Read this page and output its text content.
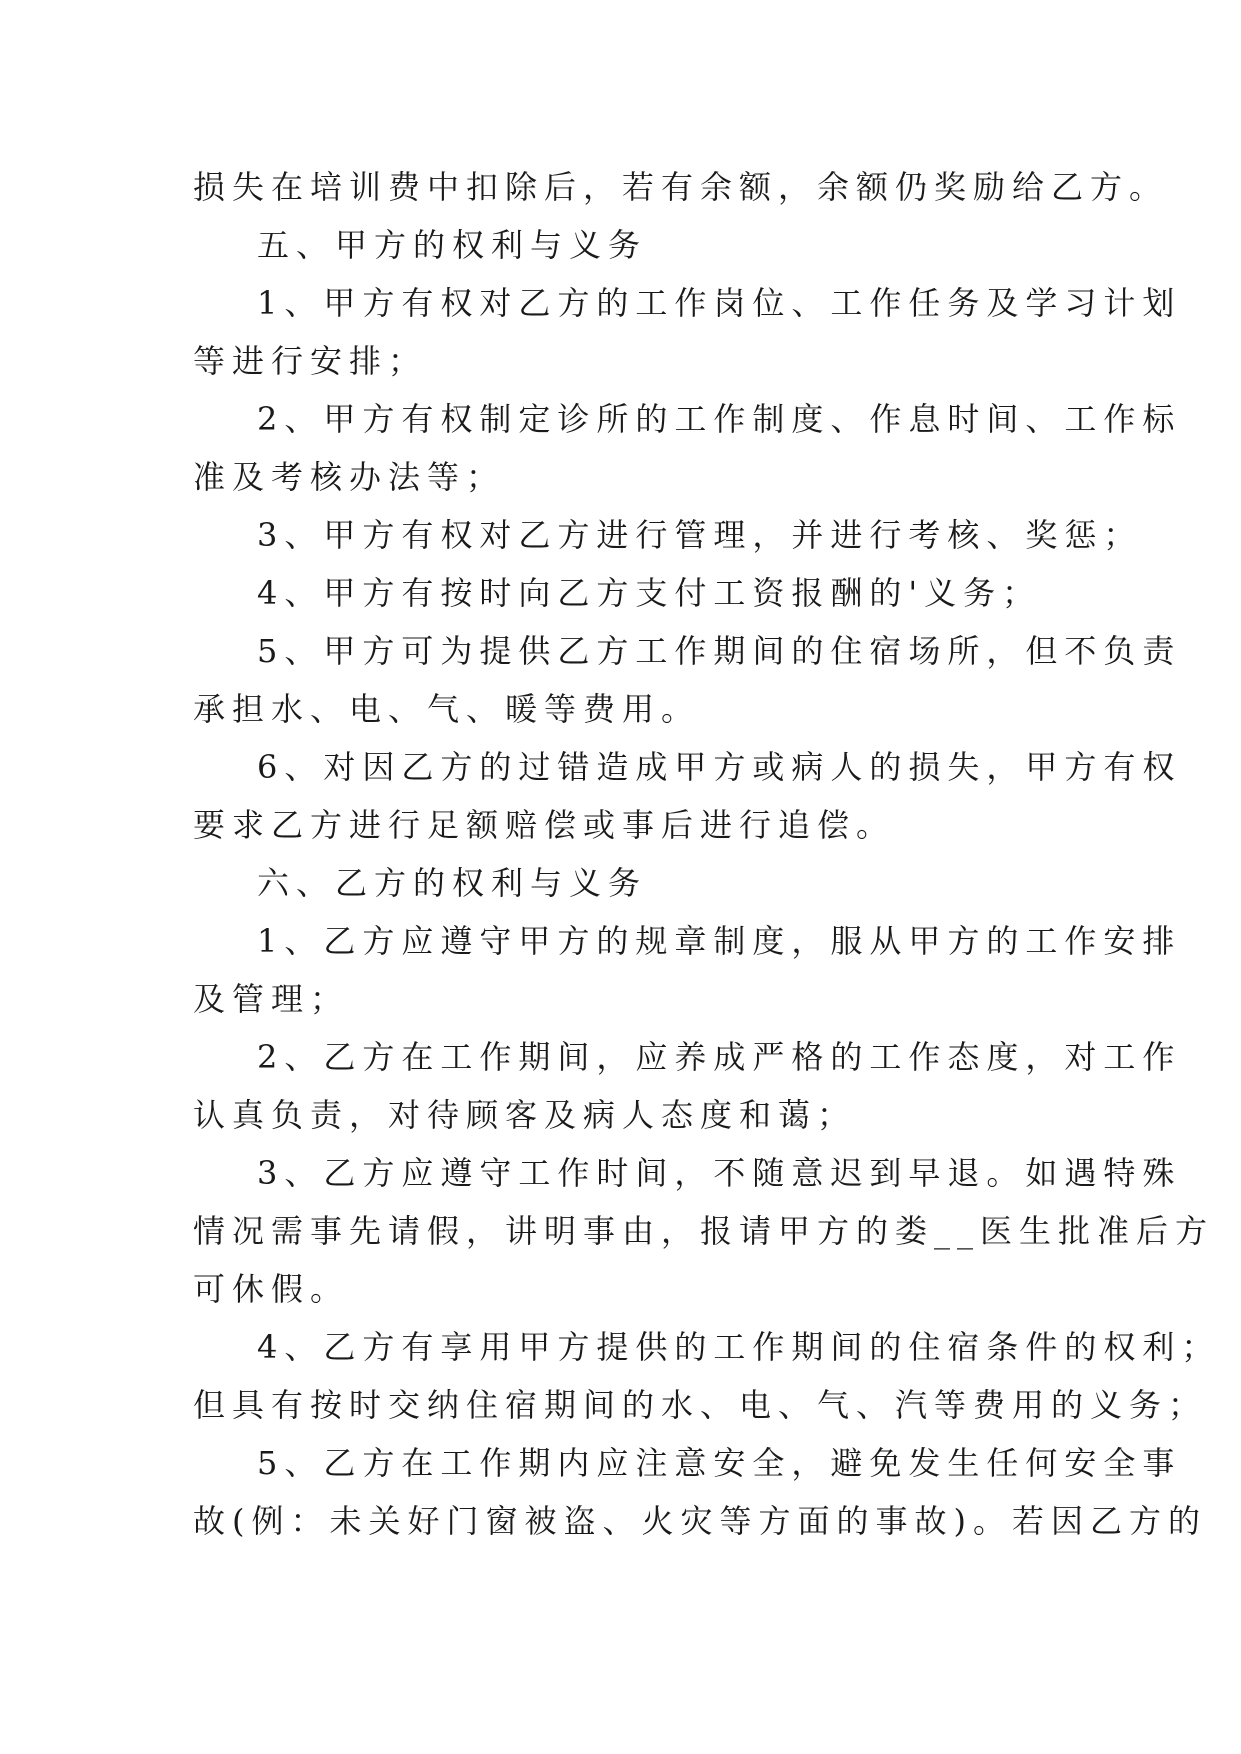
损失在培训费中扣除后，若有余额，余额仍奖励给乙方。
五、甲方的权利与义务
1、甲方有权对乙方的工作岗位、工作任务及学习计划
等进行安排；
2、甲方有权制定诊所的工作制度、作息时间、工作标
准及考核办法等；
3、甲方有权对乙方进行管理，并进行考核、奖惩；
4、甲方有按时向乙方支付工资报酬的'义务；
5、甲方可为提供乙方工作期间的住宿场所，但不负责
承担水、电、气、暖等费用。
6、对因乙方的过错造成甲方或病人的损失，甲方有权
要求乙方进行足额赔偿或事后进行追偿。
六、乙方的权利与义务
1、乙方应遵守甲方的规章制度，服从甲方的工作安排
及管理；
2、乙方在工作期间，应养成严格的工作态度，对工作
认真负责，对待顾客及病人态度和蔼；
3、乙方应遵守工作时间，不随意迟到早退。如遇特殊
情况需事先请假，讲明事由，报请甲方的娄__医生批准后方
可休假。
4、乙方有享用甲方提供的工作期间的住宿条件的权利；
但具有按时交纳住宿期间的水、电、气、汽等费用的义务；
5、乙方在工作期内应注意安全，避免发生任何安全事
故(例：未关好门窗被盗、火灾等方面的事故)。若因乙方的
